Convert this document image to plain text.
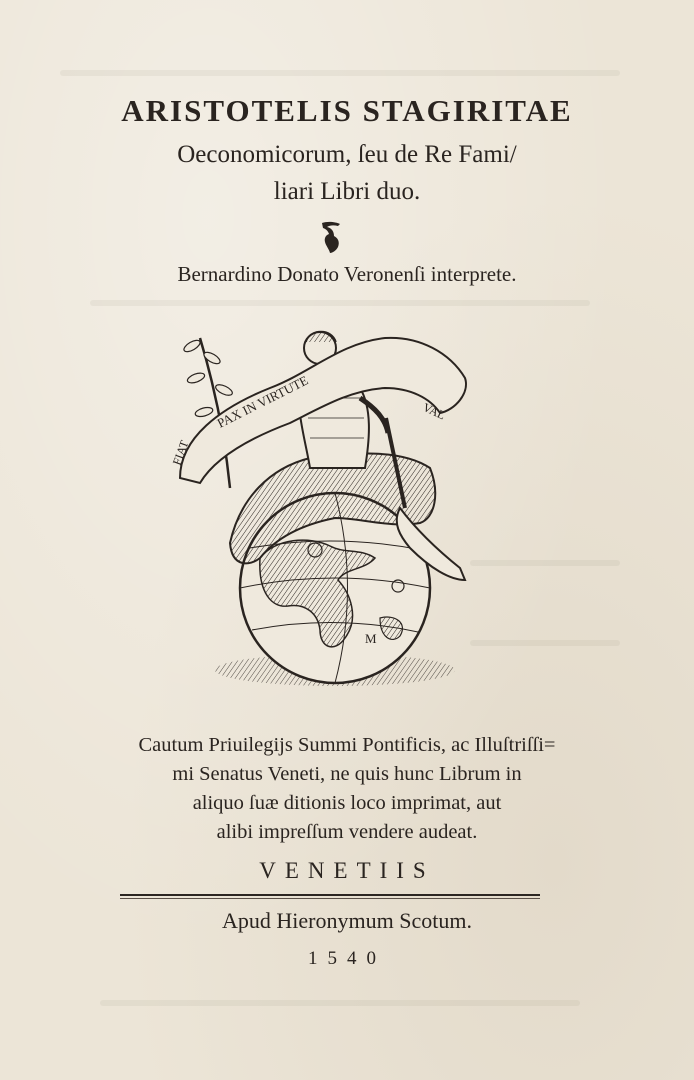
ARISTOTELIS STAGIRITAE
Oeconomicorum, ſeu de Re Fami/
liari Libri duo.
Bernardino Donato Veronenſi interprete.
M
PAX IN VIRTUTE
FIAT
VAL
Cautum Priuilegijs Summi Pontificis, ac Illuſtriſſi=
mi Senatus Veneti, ne quis hunc Librum in
aliquo ſuæ ditionis loco imprimat, aut
alibi impreſſum vendere audeat.
VENETIIS
Apud Hieronymum Scotum.
1540
